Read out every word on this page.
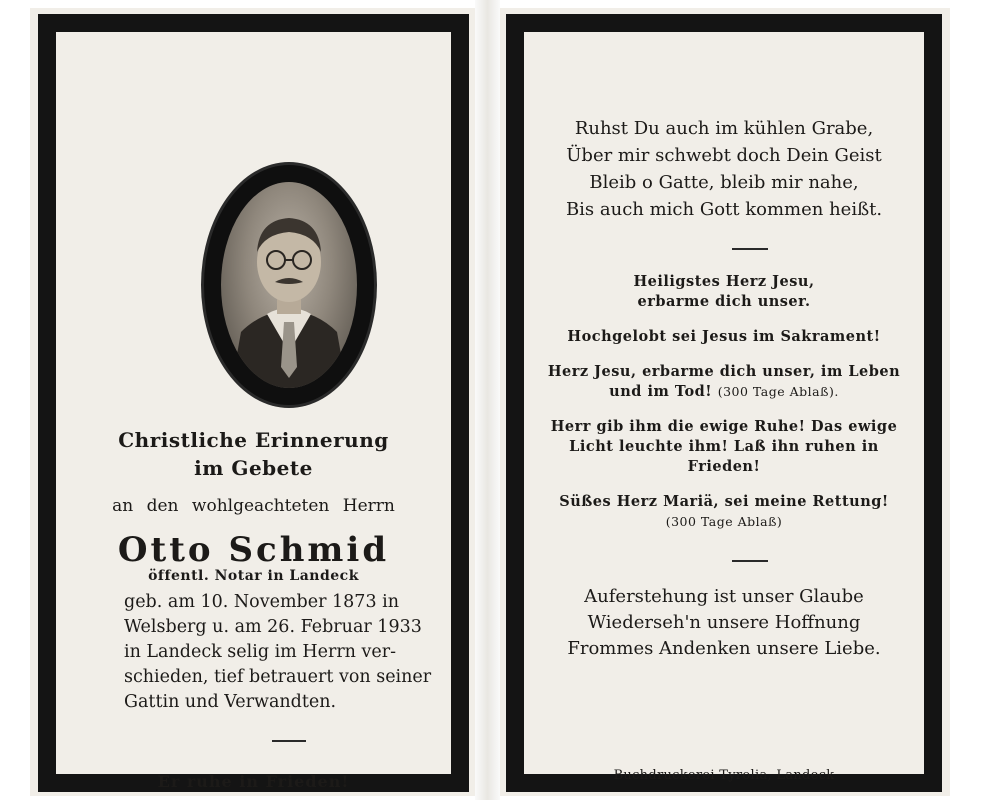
Christliche Erinnerung
im Gebete
an den wohlgeachteten Herrn
Otto Schmid
öffentl. Notar in Landeck
geb. am 10. November 1873 in
Welsberg u. am 26. Februar 1933
in Landeck selig im Herrn ver-
schieden, tief betrauert von seiner
Gattin und Verwandten.
Er ruhe in Frieden!
Ruhst Du auch im kühlen Grabe,
Über mir schwebt doch Dein Geist
Bleib o Gatte, bleib mir nahe,
Bis auch mich Gott kommen heißt.
Heiligstes Herz Jesu,
erbarme dich unser.
Hochgelobt sei Jesus im Sakrament!
Herz Jesu, erbarme dich unser, im Leben
und im Tod! (300 Tage Ablaß).
Herr gib ihm die ewige Ruhe! Das ewige
Licht leuchte ihm! Laß ihn ruhen in Frieden!
Süßes Herz Mariä, sei meine Rettung!
(300 Tage Ablaß)
Auferstehung ist unser Glaube
Wiederseh'n unsere Hoffnung
Frommes Andenken unsere Liebe.
Buchdruckerei Tyrolia, Landeck
